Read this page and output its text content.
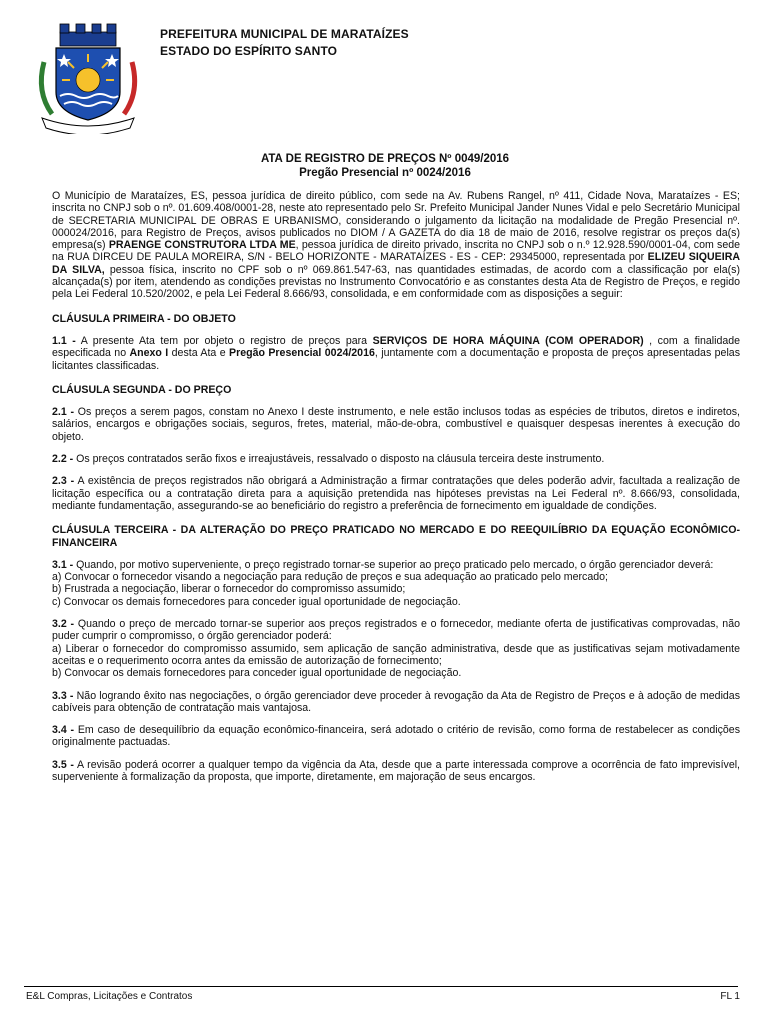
PREFEITURA MUNICIPAL DE MARATAÍZES
ESTADO DO ESPÍRITO SANTO
ATA DE REGISTRO DE PREÇOS Nº 0049/2016
Pregão Presencial nº 0024/2016

O Município de Marataízes, ES, pessoa jurídica de direito público, com sede na Av. Rubens Rangel, nº 411, Cidade Nova, Marataízes - ES; inscrita no CNPJ sob o nº. 01.609.408/0001-28, neste ato representado pelo Sr. Prefeito Municipal Jander Nunes Vidal e pelo Secretário Municipal de SECRETARIA MUNICIPAL DE OBRAS E URBANISMO, considerando o julgamento da licitação na modalidade de Pregão Presencial nº. 000024/2016, para Registro de Preços, avisos publicados no DIOM / A GAZETA do dia 18 de maio de 2016, resolve registrar os preços da(s) empresa(s) PRAENGE CONSTRUTORA LTDA ME, pessoa jurídica de direito privado, inscrita no CNPJ sob o n.º 12.928.590/0001-04, com sede na RUA DIRCEU DE PAULA MOREIRA, S/N - BELO HORIZONTE - MARATAÍZES - ES - CEP: 29345000, representada por ELIZEU SIQUEIRA DA SILVA, pessoa física, inscrito no CPF sob o nº 069.861.547-63, nas quantidades estimadas, de acordo com a classificação por ela(s) alcançada(s) por item, atendendo as condições previstas no Instrumento Convocatório e as constantes desta Ata de Registro de Preços, e regido pela Lei Federal 10.520/2002, e pela Lei Federal 8.666/93, consolidada, e em conformidade com as disposições a seguir:

CLÁUSULA PRIMEIRA - DO OBJETO

1.1 - A presente Ata tem por objeto o registro de preços para SERVIÇOS DE HORA MÁQUINA (COM OPERADOR) , com a finalidade especificada no Anexo I desta Ata e Pregão Presencial 0024/2016, juntamente com a documentação e proposta de preços apresentadas pelas licitantes classificadas.

CLÁUSULA SEGUNDA - DO PREÇO

2.1 - Os preços a serem pagos, constam no Anexo I deste instrumento, e nele estão inclusos todas as espécies de tributos, diretos e indiretos, salários, encargos e obrigações sociais, seguros, fretes, material, mão-de-obra, combustível e quaisquer despesas inerentes à execução do objeto.

2.2 - Os preços contratados serão fixos e irreajustáveis, ressalvado o disposto na cláusula terceira deste instrumento.

2.3 - A existência de preços registrados não obrigará a Administração a firmar contratações que deles poderão advir, facultada a realização de licitação específica ou a contratação direta para a aquisição pretendida nas hipóteses previstas na Lei Federal nº. 8.666/93, consolidada, mediante fundamentação, assegurando-se ao beneficiário do registro a preferência de fornecimento em igualdade de condições.

CLÁUSULA TERCEIRA - DA ALTERAÇÃO DO PREÇO PRATICADO NO MERCADO E DO REEQUILÍBRIO DA EQUAÇÃO ECONÔMICO-FINANCEIRA

3.1 - Quando, por motivo superveniente, o preço registrado tornar-se superior ao preço praticado pelo mercado, o órgão gerenciador deverá:
a) Convocar o fornecedor visando a negociação para redução de preços e sua adequação ao praticado pelo mercado;
b) Frustrada a negociação, liberar o fornecedor do compromisso assumido;
c) Convocar os demais fornecedores para conceder igual oportunidade de negociação.

3.2 - Quando o preço de mercado tornar-se superior aos preços registrados e o fornecedor, mediante oferta de justificativas comprovadas, não puder cumprir o compromisso, o órgão gerenciador poderá:
a) Liberar o fornecedor do compromisso assumido, sem aplicação de sanção administrativa, desde que as justificativas sejam motivadamente aceitas e o requerimento ocorra antes da emissão de autorização de fornecimento;
b) Convocar os demais fornecedores para conceder igual oportunidade de negociação.

3.3 - Não logrando êxito nas negociações, o órgão gerenciador deve proceder à revogação da Ata de Registro de Preços e à adoção de medidas cabíveis para obtenção de contratação mais vantajosa.

3.4 - Em caso de desequilíbrio da equação econômico-financeira, será adotado o critério de revisão, como forma de restabelecer as condições originalmente pactuadas.

3.5 - A revisão poderá ocorrer a qualquer tempo da vigência da Ata, desde que a parte interessada comprove a ocorrência de fato imprevisível, superveniente à formalização da proposta, que importe, diretamente, em majoração de seus encargos.

E&L Compras, Licitações e Contratos	FL 1
